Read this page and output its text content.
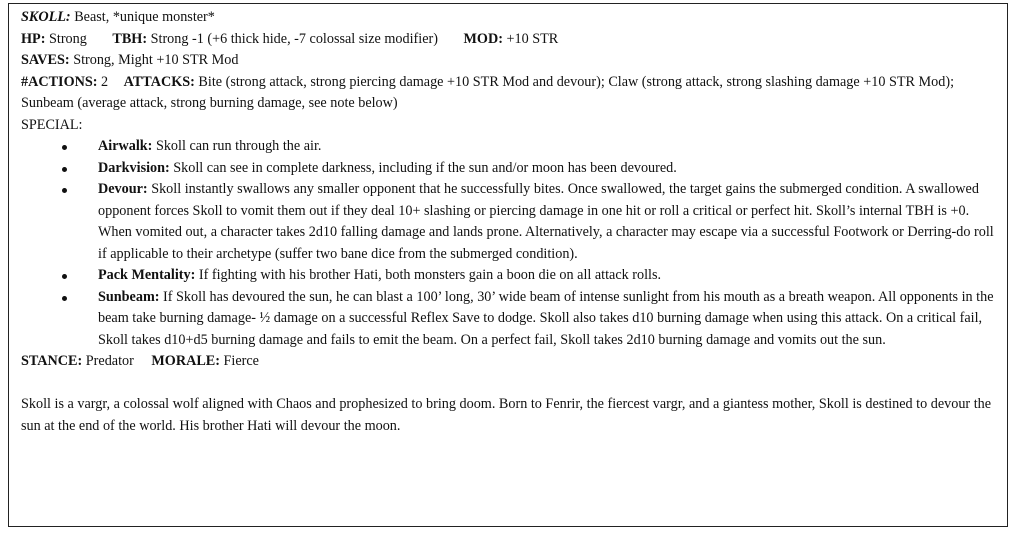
SKOLL: Beast, *unique monster*

HP: Strong TBH: Strong -1 (+6 thick hide, -7 colossal size modifier) MOD: +10 STR

SAVES: Strong, Might +10 STR Mod

#ACTIONS: 2 ATTACKS: Bite (strong attack, strong piercing damage +10 STR Mod and devour); Claw (strong attack, strong slashing damage +10 STR Mod); Sunbeam (average attack, strong burning damage, see note below)

SPECIAL:

Airwalk: Skoll can run through the air.
Darkvision: Skoll can see in complete darkness, including if the sun and/or moon has been devoured.
Devour: Skoll instantly swallows any smaller opponent that he successfully bites. Once swallowed, the target gains the submerged condition. A swallowed opponent forces Skoll to vomit them out if they deal 10+ slashing or piercing damage in one hit or roll a critical or perfect hit. Skoll’s internal TBH is +0. When vomited out, a character takes 2d10 falling damage and lands prone. Alternatively, a character may escape via a successful Footwork or Derring-do roll if applicable to their archetype (suffer two bane dice from the submerged condition).
Pack Mentality: If fighting with his brother Hati, both monsters gain a boon die on all attack rolls.
Sunbeam: If Skoll has devoured the sun, he can blast a 100’ long, 30’ wide beam of intense sunlight from his mouth as a breath weapon. All opponents in the beam take burning damage- ½ damage on a successful Reflex Save to dodge. Skoll also takes d10 burning damage when using this attack. On a critical fail, Skoll takes d10+d5 burning damage and fails to emit the beam. On a perfect fail, Skoll takes 2d10 burning damage and vomits out the sun.

STANCE: Predator MORALE: Fierce

Skoll is a vargr, a colossal wolf aligned with Chaos and prophesized to bring doom. Born to Fenrir, the fiercest vargr, and a giantess mother, Skoll is destined to devour the sun at the end of the world. His brother Hati will devour the moon.
